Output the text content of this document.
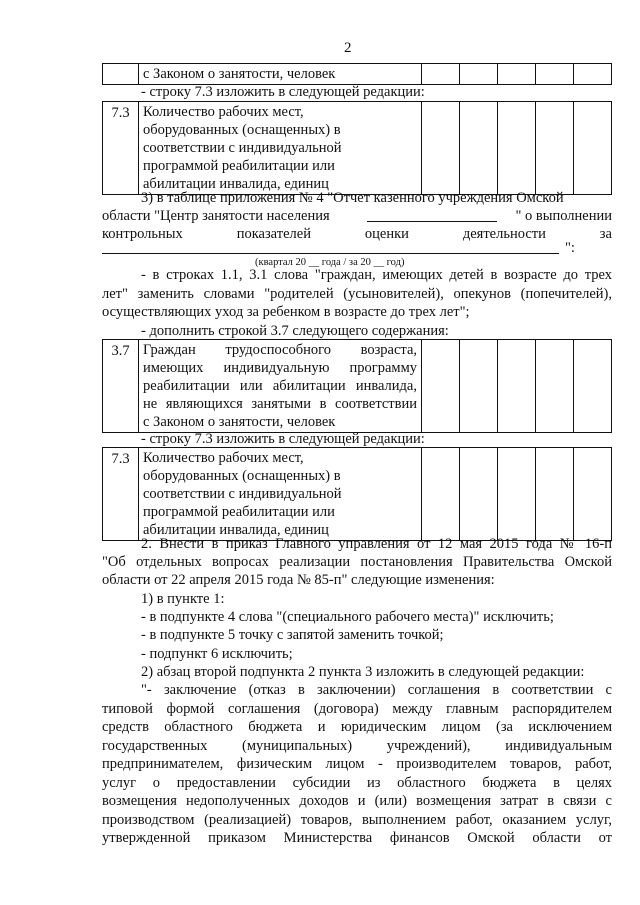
2

с Законом о занятости, человек

- строку 7.3 изложить в следующей редакции:
7.3	Количество рабочих мест,
оборудованных (оснащенных) в
соответствии с индивидуальной
программой реабилитации или
абилитации инвалида, единиц

3) в таблице приложения № 4 "Отчет казенного учреждения Омской
области "Центр занятости населения	" о выполнении
контрольных	показателей	оценки	деятельности	за
":
(квартал 20 __ года / за 20 __ год)
- в строках 1.1, 3.1 слова "граждан, имеющих детей в возрасте до трех
лет" заменить словами "родителей (усыновителей), опекунов (попечителей),
осуществляющих уход за ребенком в возрасте до трех лет";
- дополнить строкой 3.7 следующего содержания:
3.7	Граждан трудоспособного возраста,
имеющих индивидуальную программу
реабилитации или абилитации инвалида,
не являющихся занятыми в соответствии
с Законом о занятости, человек

- строку 7.3 изложить в следующей редакции:
7.3	Количество рабочих мест,
оборудованных (оснащенных) в
соответствии с индивидуальной
программой реабилитации или
абилитации инвалида, единиц

2. Внести в приказ Главного управления от 12 мая 2015 года № 16-п
"Об отдельных вопросах реализации постановления Правительства Омской
области от 22 апреля 2015 года № 85-п" следующие изменения:
1) в пункте 1:
- в подпункте 4 слова "(специального рабочего места)" исключить;
- в подпункте 5 точку с запятой заменить точкой;
- подпункт 6 исключить;
2) абзац второй подпункта 2 пункта 3 изложить в следующей редакции:
"- заключение (отказ в заключении) соглашения в соответствии с
типовой формой соглашения (договора) между главным распорядителем
средств областного бюджета и юридическим лицом (за исключением
государственных (муниципальных) учреждений), индивидуальным
предпринимателем, физическим лицом - производителем товаров, работ,
услуг о предоставлении субсидии из областного бюджета в целях
возмещения недополученных доходов и (или) возмещения затрат в связи с
производством (реализацией) товаров, выполнением работ, оказанием услуг,
утвержденной приказом Министерства финансов Омской области от
